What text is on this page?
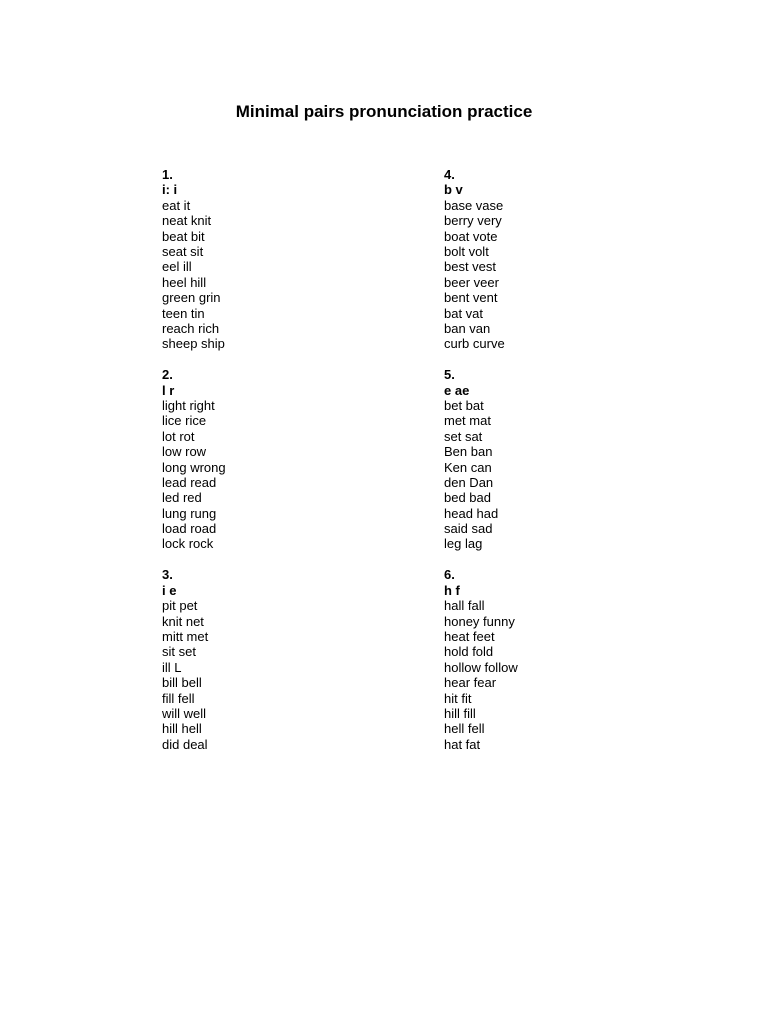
Minimal pairs pronunciation practice
1.
i: i
eat it
neat knit
beat bit
seat sit
eel ill
heel hill
green grin
teen tin
reach rich
sheep ship
2.
l r
light right
lice rice
lot rot
low row
long wrong
lead read
led red
lung rung
load road
lock rock
3.
i e
pit pet
knit net
mitt met
sit set
ill L
bill bell
fill fell
will well
hill hell
did deal
4.
b v
base vase
berry very
boat vote
bolt volt
best vest
beer veer
bent vent
bat vat
ban van
curb curve
5.
e ae
bet bat
met mat
set sat
Ben ban
Ken can
den Dan
bed bad
head had
said sad
leg lag
6.
h f
hall fall
honey funny
heat feet
hold fold
hollow follow
hear fear
hit fit
hill fill
hell fell
hat fat
